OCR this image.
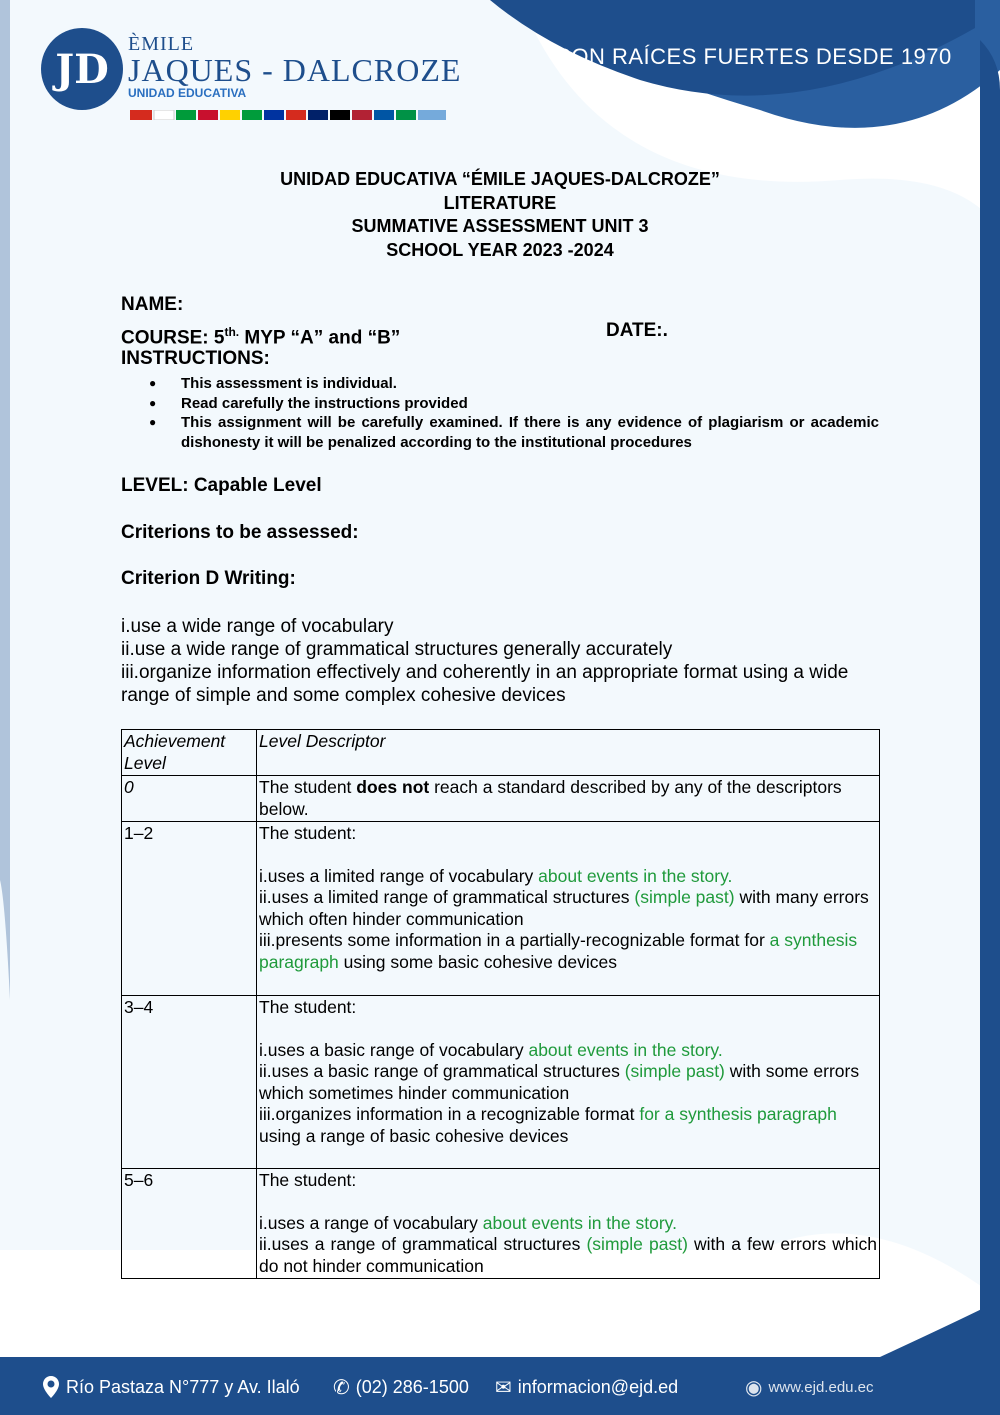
JD
ÈMILE
JAQUES - DALCROZE
UNIDAD EDUCATIVA
CON RAÍCES FUERTES DESDE 1970
UNIDAD EDUCATIVA “ÉMILE JAQUES-DALCROZE”
LITERATURE
SUMMATIVE ASSESSMENT UNIT 3
SCHOOL YEAR 2023 -2024
NAME:
COURSE: $5^{th.}$ MYP “A” and “B”
INSTRUCTIONS:
DATE:.
● This assessment is individual.
● Read carefully the instructions provided
● This assignment will be carefully examined. If there is any evidence of plagiarism or academic dishonesty it will be penalized according to the institutional procedures
LEVEL: Capable Level
Criterions to be assessed:
Criterion D Writing:
i.use a wide range of vocabulary
ii.use a wide range of grammatical structures generally accurately
iii.organize information effectively and coherently in an appropriate format using a wide range of simple and some complex cohesive devices
Achievement Level	Level Descriptor
0	The student does not reach a standard described by any of the descriptors below.
1–2	The student:
i.uses a limited range of vocabulary about events in the story.
ii.uses a limited range of grammatical structures (simple past) with many errors which often hinder communication
iii.presents some information in a partially-recognizable format for a synthesis paragraph using some basic cohesive devices

3–4	The student:
i.uses a basic range of vocabulary about events in the story.
ii.uses a basic range of grammatical structures (simple past) with some errors which sometimes hinder communication
iii.organizes information in a recognizable format for a synthesis paragraph using a range of basic cohesive devices

5–6	The student:
i.uses a range of vocabulary about events in the story.
ii.uses a range of grammatical structures (simple past) with a few errors which do not hinder communication
Río Pastaza N°777 y Av. Ilaló ✆ (02) 286-1500 ✉ informacion@ejd.ed	◉ www.ejd.edu.ec
